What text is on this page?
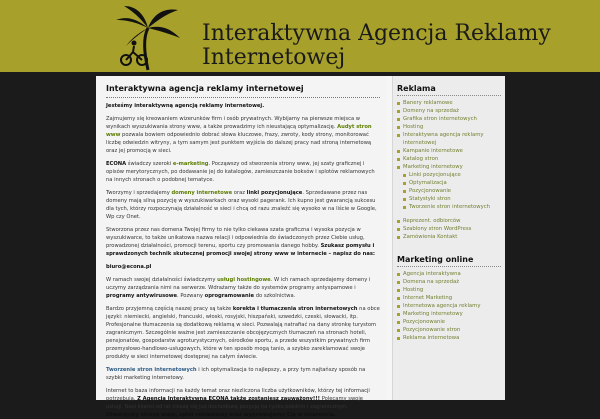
Interaktywna Agencja Reklamy Internetowej
Interaktywna agencja reklamy internetowej

Jesteśmy interaktywną agencją reklamy internetowej.

Zajmujemy się kreowaniem wizerunków firm i osób prywatnych. Wybijamy na pierwsze miejsca w wynikach wyszukiwania strony www, a także prowadzimy ich nieustającą optymalizację. Audyt stron www pozwala bowiem odpowiednio dobrać słowa kluczowe, frazy, zwroty, kody strony, monitorować liczbę odwiedzin witryny, a tym samym jest punktem wyjścia do dalszej pracy nad stroną internetową oraz jej promocją w sieci.

ECONA świadczy szeroki e-marketing. Począwszy od stworzenia strony www, jej szaty graficznej i opisów merytorycznych, po dodawanie jej do katalogów, zamieszczanie boksów i splotów reklamowych na innych stronach o podobnej tematyce.

Tworzymy i sprzedajemy domeny internetowe oraz linki pozycjonujące. Sprzedawane przez nas domeny mają silną pozycję w wyszukiwarkach oraz wysoki pagerank. Ich kupno jest gwarancją sukcesu dla tych, którzy rozpoczynają działalność w sieci i chcą od razu znaleźć się wysoko w na liście w Google, Wp czy Onet.

Stworzona przez nas domena Twojej firmy to nie tylko ciekawa szata graficzna i wysoka pozycja w wyszukiwarce, to także unikatowa nazwa relacji i odpowiednia do świadczonych przez Ciebie usług, prowadzonej działalności, promocji terenu, sportu czy promowania danego hobby. Szukasz pomysłu i sprawdzonych technik skutecznej promocji swojej strony www w internecie – napisz do nas:

biuro@econa.pl

W ramach swojej działalności świadczymy usługi hostingowe. W ich ramach sprzedajemy domeny i uczymy zarządzania nimi na serwerze. Wdrażamy także do systemów programy antyspamowe i programy antywirusowe. Pozwany oprogramowanie do szkolnictwa.

Bardzo przyjemną częścią naszej pracy są także korekta i tłumaczenia stron internetowych na obce języki: niemiecki, angielski, francuski, włoski, rosyjski, hiszpański, szwedzki, czeski, słowacki, itp. Profesjonalne tłumaczenia są dodatkową reklamą w sieci. Pozwalają natrafiać na dany stronkę turystom zagranicznym. Szczególnie ważne jest zamieszczanie obcojęzycznych tłumaczeń na stronach hoteli, pensjonatów, gospodarstw agroturystycznych, ośrodków sportu, a przede wszystkim prywatnych firm przemysłowo-handlowo-usługowych, które w ten sposób mogą tanio, a szybko zareklamować swoje produkty w sieci internetowej dostępnej na całym świecie.

Tworzenie stron internetowych i ich optymalizacja to najlepszy, a przy tym najtańszy sposób na szybki marketing internetowy.

Internet to baza informacji na każdy temat oraz niezliczona liczba użytkowników, którzy tej informacji potrzebują. Z Agencją Interaktywną ECONA także zostaniesz zauważony!!! Polecamy swoje usługi. Nasi klienci od lat cieszą się już dochodową pozycją na rynku polskim i zagranicznym. Utworzymy stronę www, splot reklamowy oraz wypromujemy Cię w internecie.

Reklama
Banery reklamowe
Domeny na sprzedaż
Grafika stron internetowych
Hosting
Interaktywna agencja reklamy internetowej
Kampanie internetowe
Katalog stron
Marketing internetowy
Linki pozycjonujące
Optymalizacja
Pozycjonowanie
Statystyki stron
Tworzenie stron internetowych
Reprezent. odbiorców
Szablony stron WordPress
Zamówienia Kontakt
Marketing online
Agencja interaktywna
Domena na sprzedaż
Hosting
Internet Marketing
Internetowa agencja reklamy
Marketing internetowy
Pozycjonowanie
Pozycjonowanie stron
Reklama internetowa
